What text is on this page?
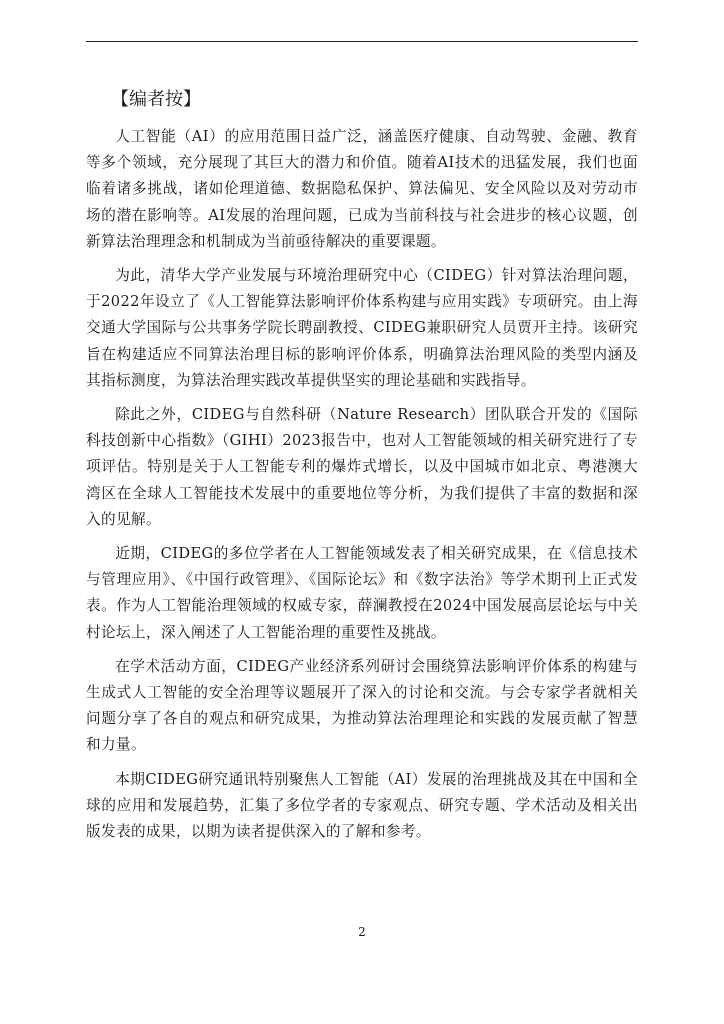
【编者按】

人工智能（AI）的应用范围日益广泛，涵盖医疗健康、自动驾驶、金融、教育等多个领域，充分展现了其巨大的潜力和价值。随着AI技术的迅猛发展，我们也面临着诸多挑战，诸如伦理道德、数据隐私保护、算法偏见、安全风险以及对劳动市场的潜在影响等。AI发展的治理问题，已成为当前科技与社会进步的核心议题，创新算法治理理念和机制成为当前亟待解决的重要课题。

为此，清华大学产业发展与环境治理研究中心（CIDEG）针对算法治理问题，于2022年设立了《人工智能算法影响评价体系构建与应用实践》专项研究。由上海交通大学国际与公共事务学院长聘副教授、CIDEG兼职研究人员贾开主持。该研究旨在构建适应不同算法治理目标的影响评价体系，明确算法治理风险的类型内涵及其指标测度，为算法治理实践改革提供坚实的理论基础和实践指导。

除此之外，CIDEG与自然科研（Nature Research）团队联合开发的《国际科技创新中心指数》（GIHI）2023报告中，也对人工智能领域的相关研究进行了专项评估。特别是关于人工智能专利的爆炸式增长，以及中国城市如北京、粤港澳大湾区在全球人工智能技术发展中的重要地位等分析，为我们提供了丰富的数据和深入的见解。

近期，CIDEG的多位学者在人工智能领域发表了相关研究成果，在《信息技术与管理应用》、《中国行政管理》、《国际论坛》和《数字法治》等学术期刊上正式发表。作为人工智能治理领域的权威专家，薛澜教授在2024中国发展高层论坛与中关村论坛上，深入阐述了人工智能治理的重要性及挑战。

在学术活动方面，CIDEG产业经济系列研讨会围绕算法影响评价体系的构建与生成式人工智能的安全治理等议题展开了深入的讨论和交流。与会专家学者就相关问题分享了各自的观点和研究成果，为推动算法治理理论和实践的发展贡献了智慧和力量。

本期CIDEG研究通讯特别聚焦人工智能（AI）发展的治理挑战及其在中国和全球的应用和发展趋势，汇集了多位学者的专家观点、研究专题、学术活动及相关出版发表的成果，以期为读者提供深入的了解和参考。

2
